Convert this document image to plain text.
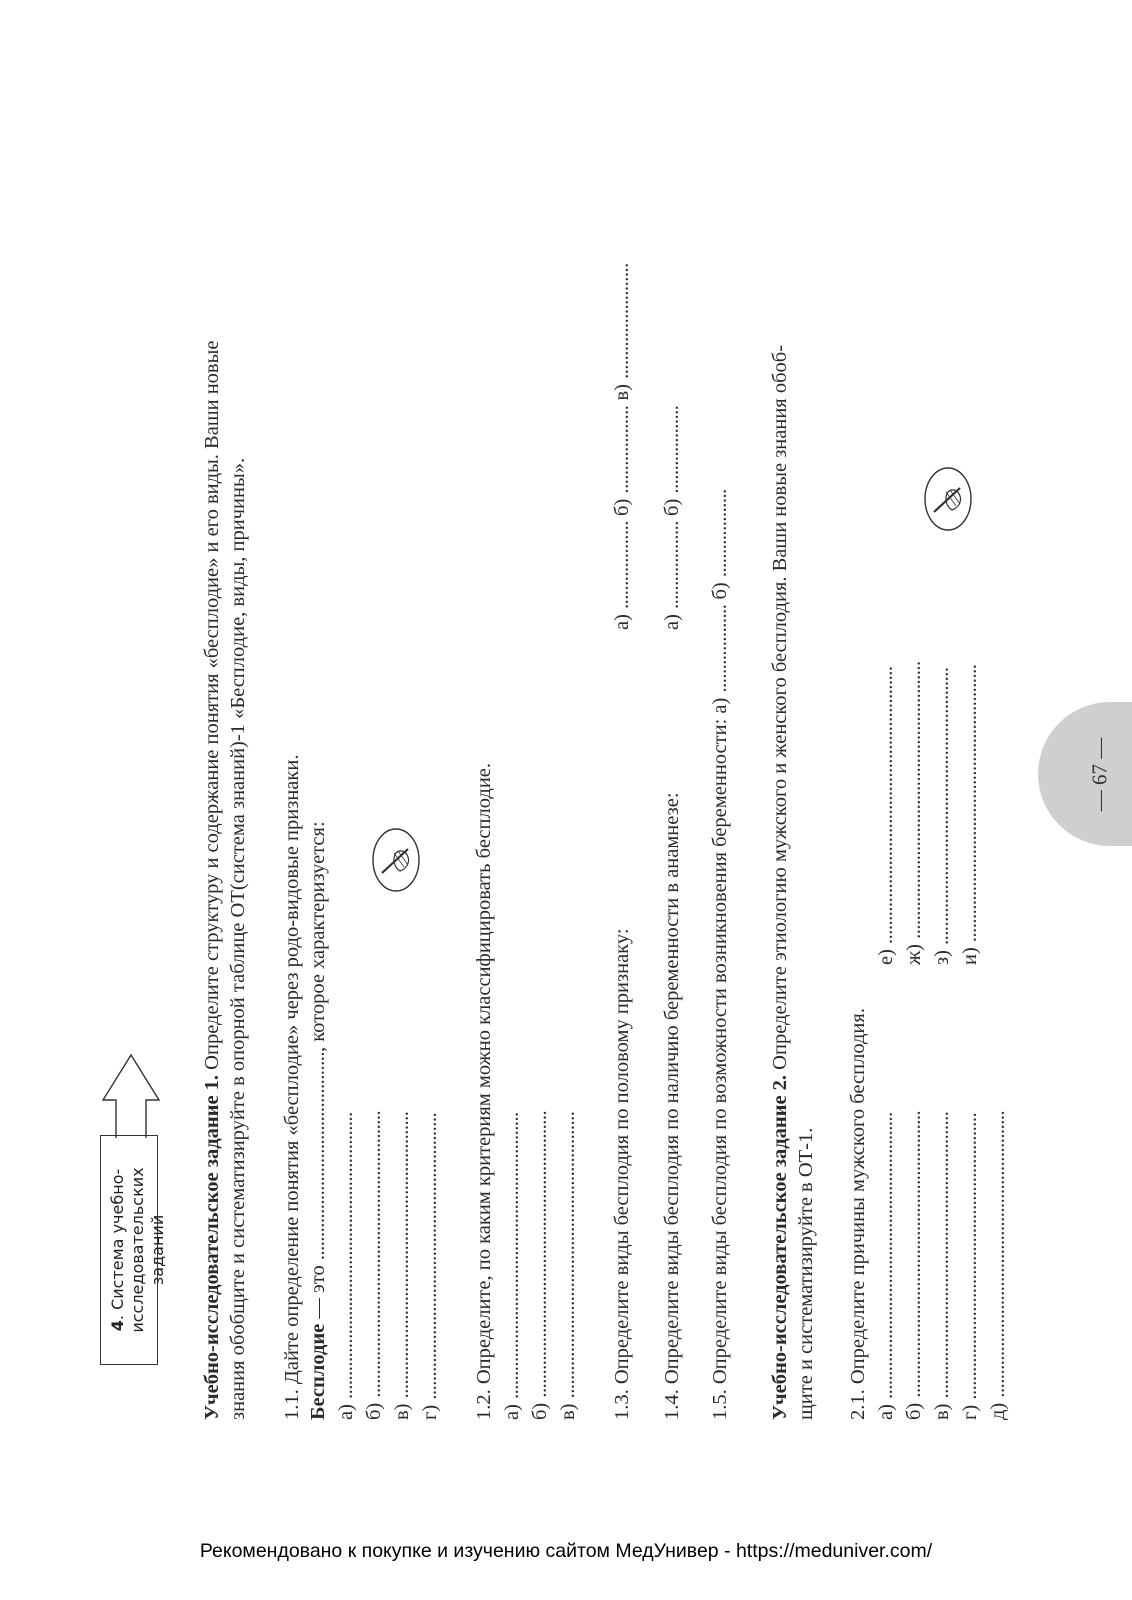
4. Система учебно- исследовательских заданий Учебно-исследовательское задание 1. Определите структуру и содержание понятия «бесплодие» и его виды. Ваши новые знания обобщите и систематизируйте в опорной таблице ОТ(система знаний)-1 «Бесплодие, виды, причины». 1.1. Дайте определение понятия «бесплодие» через родо-видовые признаки. Бесплодие — это ............................................., которое характеризуется:
а) ..............................................................
б) ..............................................................
в) ..............................................................
г) .............................................................. 1.2. Определите, по каким критериям можно классифицировать бесплодие. а) ..............................................................
б) ..............................................................
в) .............................................................. 1.3. Определите виды бесплодия по половому признаку:
а) ................... б) ................... в) .........................
1.4. Определите виды бесплодия по наличию беременности в анамнезе:
а) ................... б) ...................
1.5. Определите виды бесплодия по возможности возникновения беременности: а) ................... б) ...................
Учебно-исследовательское задание 2. Определите этиологию мужского и женского бесплодия. Ваши новые знания обоб-
щите и систематизируйте в ОТ-1. 2.1. Определите причины мужского бесплодия. а) ..............................................................
б) ..............................................................
в) ..............................................................
г) ..............................................................
д) ..............................................................
е) ............................................................
ж) ............................................................
з) ............................................................
и) ............................................................	— 67 —
Рекомендовано к покупке и изучению сайтом МедУнивер - https://meduniver.com/
